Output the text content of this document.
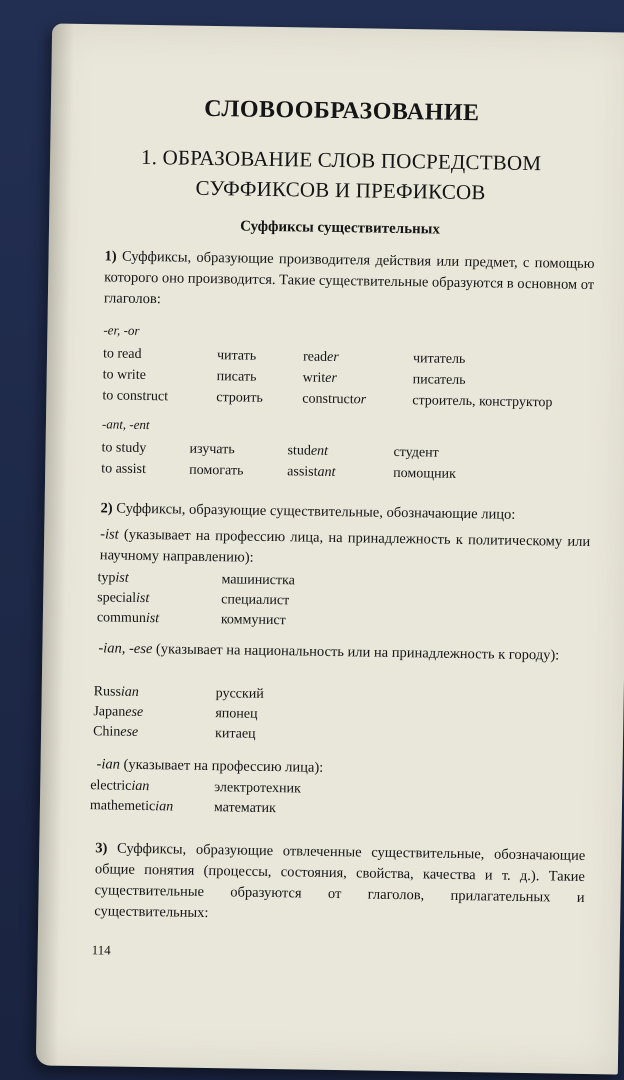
СЛОВООБРАЗОВАНИЕ
1. ОБРАЗОВАНИЕ СЛОВ ПОСРЕДСТВОМ
СУФФИКСОВ И ПРЕФИКСОВ
Суффиксы существительных
1) Суффиксы, образующие производителя действия или предмет, с помощью которого оно производится. Такие существительные образуются в основном от глаголов:
-er, -or
to read	читать	reader	читатель
to write	писать	writer	писатель
to construct	строить	constructor	строитель, конструктор
-ant, -ent
to study	изучать	student	студент
to assist	помогать	assistant	помощник
2) Суффиксы, образующие существительные, обозначающие лицо:
-ist (указывает на профессию лица, на принадлежность к политическому или научному направлению):
typist	машинистка
specialist	специалист
communist	коммунист
-ian, -ese (указывает на национальность или на принадлежность к городу):
Russian	русский
Japanese	японец
Chinese	китаец
-ian (указывает на профессию лица):
electrician	электротехник
mathemetician	математик
3) Суффиксы, образующие отвлеченные существительные, обозначающие общие понятия (процессы, состояния, свойства, качества и т. д.). Такие существительные образуются от глаголов, прилагательных и существительных:
114
